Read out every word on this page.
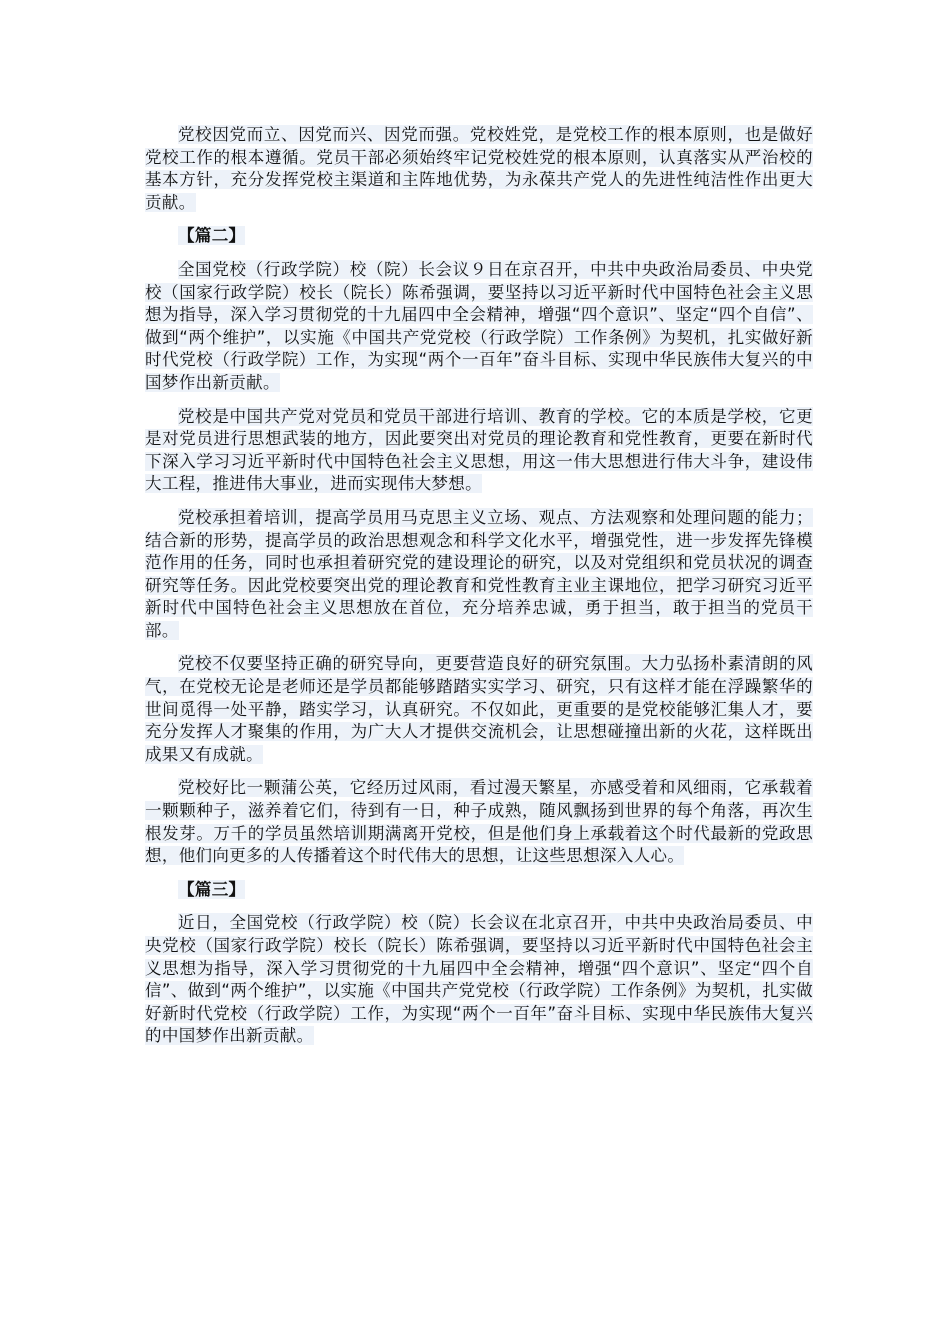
党校因党而立、因党而兴、因党而强。党校姓党，是党校工作的根本原则，也是做好党校工作的根本遵循。党员干部必须始终牢记党校姓党的根本原则，认真落实从严治校的基本方针，充分发挥党校主渠道和主阵地优势，为永葆共产党人的先进性纯洁性作出更大贡献。

【篇二】

全国党校（行政学院）校（院）长会议９日在京召开，中共中央政治局委员、中央党校（国家行政学院）校长（院长）陈希强调，要坚持以习近平新时代中国特色社会主义思想为指导，深入学习贯彻党的十九届四中全会精神，增强“四个意识”、坚定“四个自信”、做到“两个维护”，以实施《中国共产党党校（行政学院）工作条例》为契机，扎实做好新时代党校（行政学院）工作，为实现“两个一百年”奋斗目标、实现中华民族伟大复兴的中国梦作出新贡献。

党校是中国共产党对党员和党员干部进行培训、教育的学校。它的本质是学校，它更是对党员进行思想武装的地方，因此要突出对党员的理论教育和党性教育，更要在新时代下深入学习习近平新时代中国特色社会主义思想，用这一伟大思想进行伟大斗争，建设伟大工程，推进伟大事业，进而实现伟大梦想。

党校承担着培训，提高学员用马克思主义立场、观点、方法观察和处理问题的能力；结合新的形势，提高学员的政治思想观念和科学文化水平，增强党性，进一步发挥先锋模范作用的任务，同时也承担着研究党的建设理论的研究，以及对党组织和党员状况的调查研究等任务。因此党校要突出党的理论教育和党性教育主业主课地位，把学习研究习近平新时代中国特色社会主义思想放在首位，充分培养忠诚，勇于担当，敢于担当的党员干部。

党校不仅要坚持正确的研究导向，更要营造良好的研究氛围。大力弘扬朴素清朗的风气，在党校无论是老师还是学员都能够踏踏实实学习、研究，只有这样才能在浮躁繁华的世间觅得一处平静，踏实学习，认真研究。不仅如此，更重要的是党校能够汇集人才，要充分发挥人才聚集的作用，为广大人才提供交流机会，让思想碰撞出新的火花，这样既出成果又有成就。

党校好比一颗蒲公英，它经历过风雨，看过漫天繁星，亦感受着和风细雨，它承载着一颗颗种子，滋养着它们，待到有一日，种子成熟，随风飘扬到世界的每个角落，再次生根发芽。万千的学员虽然培训期满离开党校，但是他们身上承载着这个时代最新的党政思想，他们向更多的人传播着这个时代伟大的思想，让这些思想深入人心。

【篇三】

近日，全国党校（行政学院）校（院）长会议在北京召开，中共中央政治局委员、中央党校（国家行政学院）校长（院长）陈希强调，要坚持以习近平新时代中国特色社会主义思想为指导，深入学习贯彻党的十九届四中全会精神，增强“四个意识”、坚定“四个自信”、做到“两个维护”，以实施《中国共产党党校（行政学院）工作条例》为契机，扎实做好新时代党校（行政学院）工作，为实现“两个一百年”奋斗目标、实现中华民族伟大复兴的中国梦作出新贡献。
